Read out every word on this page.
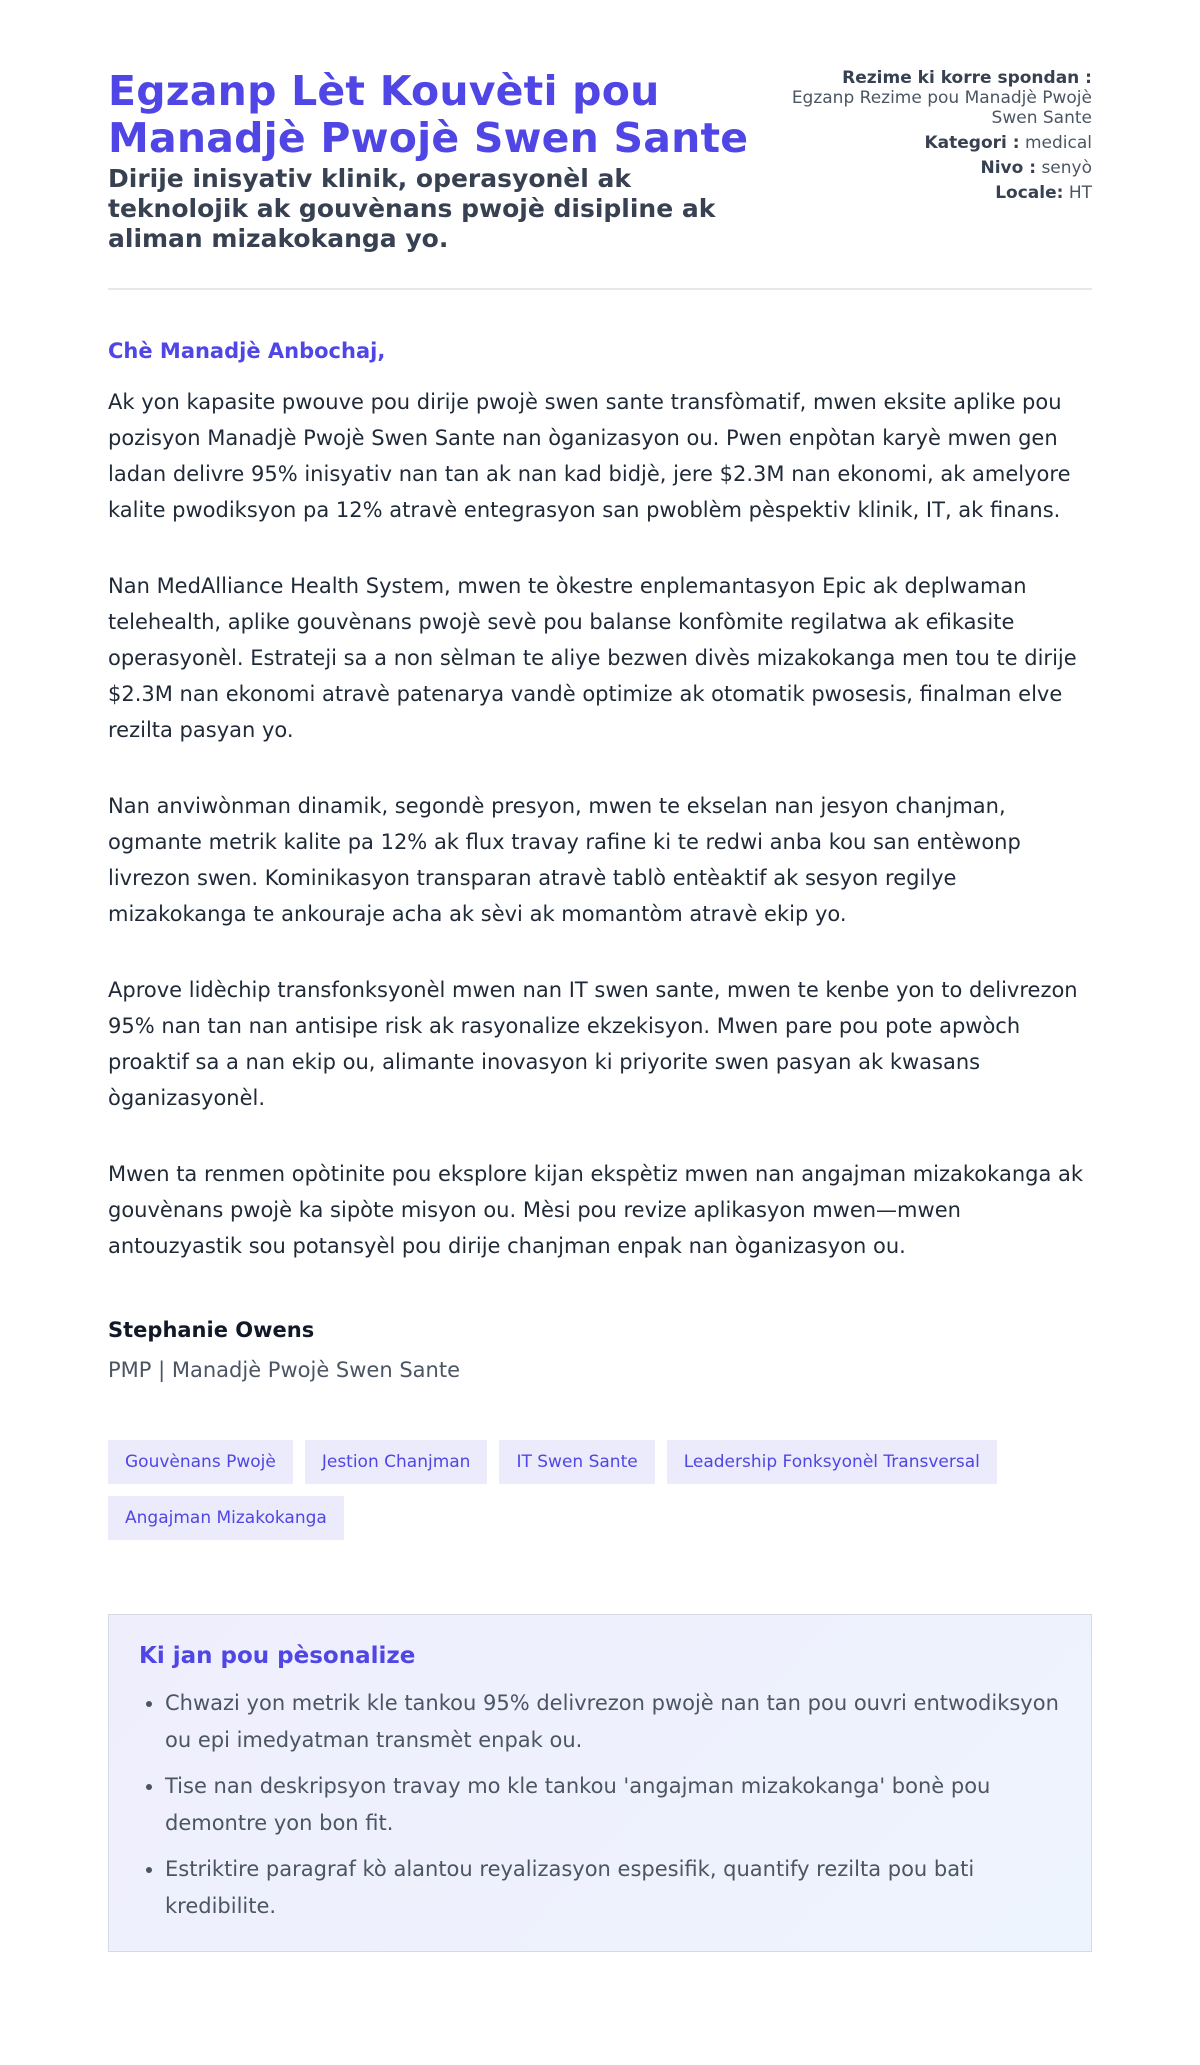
Egzanp Lèt Kouvèti pou Manadjè Pwojè Swen Sante

Dirije inisyativ klinik, operasyonèl ak teknolojik ak gouvènans pwojè disipline ak aliman mizakokanga yo.

Rezime ki korre spondan :
Egzanp Rezime pou Manadjè Pwojè Swen Sante
Kategori : medical
Nivo : senyò
Locale: HT
Chè Manadjè Anbochaj,

Ak yon kapasite pwouve pou dirije pwojè swen sante transfòmatif, mwen eksite aplike pou pozisyon Manadjè Pwojè Swen Sante nan òganizasyon ou. Pwen enpòtan karyè mwen gen ladan delivre 95% inisyativ nan tan ak nan kad bidjè, jere $2.3M nan ekonomi, ak amelyore kalite pwodiksyon pa 12% atravè entegrasyon san pwoblèm pèspektiv klinik, IT, ak finans.

Nan MedAlliance Health System, mwen te òkestre enplemantasyon Epic ak deplwaman telehealth, aplike gouvènans pwojè sevè pou balanse konfòmite regilatwa ak efikasite operasyonèl. Estrateji sa a non sèlman te aliye bezwen divès mizakokanga men tou te dirije $2.3M nan ekonomi atravè patenarya vandè optimize ak otomatik pwosesis, finalman elve rezilta pasyan yo.

Nan anviwònman dinamik, segondè presyon, mwen te ekselan nan jesyon chanjman, ogmante metrik kalite pa 12% ak flux travay rafine ki te redwi anba kou san entèwonp livrezon swen. Kominikasyon transparan atravè tablò entèaktif ak sesyon regilye mizakokanga te ankouraje acha ak sèvi ak momantòm atravè ekip yo.

Aprove lidèchip transfonksyonèl mwen nan IT swen sante, mwen te kenbe yon to delivrezon 95% nan tan nan antisipe risk ak rasyonalize ekzekisyon. Mwen pare pou pote apwòch proaktif sa a nan ekip ou, alimante inovasyon ki priyorite swen pasyan ak kwasans òganizasyonèl.

Mwen ta renmen opòtinite pou eksplore kijan ekspètiz mwen nan angajman mizakokanga ak gouvènans pwojè ka sipòte misyon ou. Mèsi pou revize aplikasyon mwen—mwen antouzyastik sou potansyèl pou dirije chanjman enpak nan òganizasyon ou.

Stephanie Owens
PMP | Manadjè Pwojè Swen Sante
Gouvènans Pwojè	Jestion Chanjman	IT Swen Sante	Leadership Fonksyonèl Transversal
Angajman Mizakokanga
Ki jan pou pèsonalize
• Chwazi yon metrik kle tankou 95% delivrezon pwojè nan tan pou ouvri entwodiksyon ou epi imedyatman transmèt enpak ou.
• Tise nan deskripsyon travay mo kle tankou 'angajman mizakokanga' bonè pou demontre yon bon fit.
• Estriktire paragraf kò alantou reyalizasyon espesifik, quantify rezilta pou bati kredibilite.
